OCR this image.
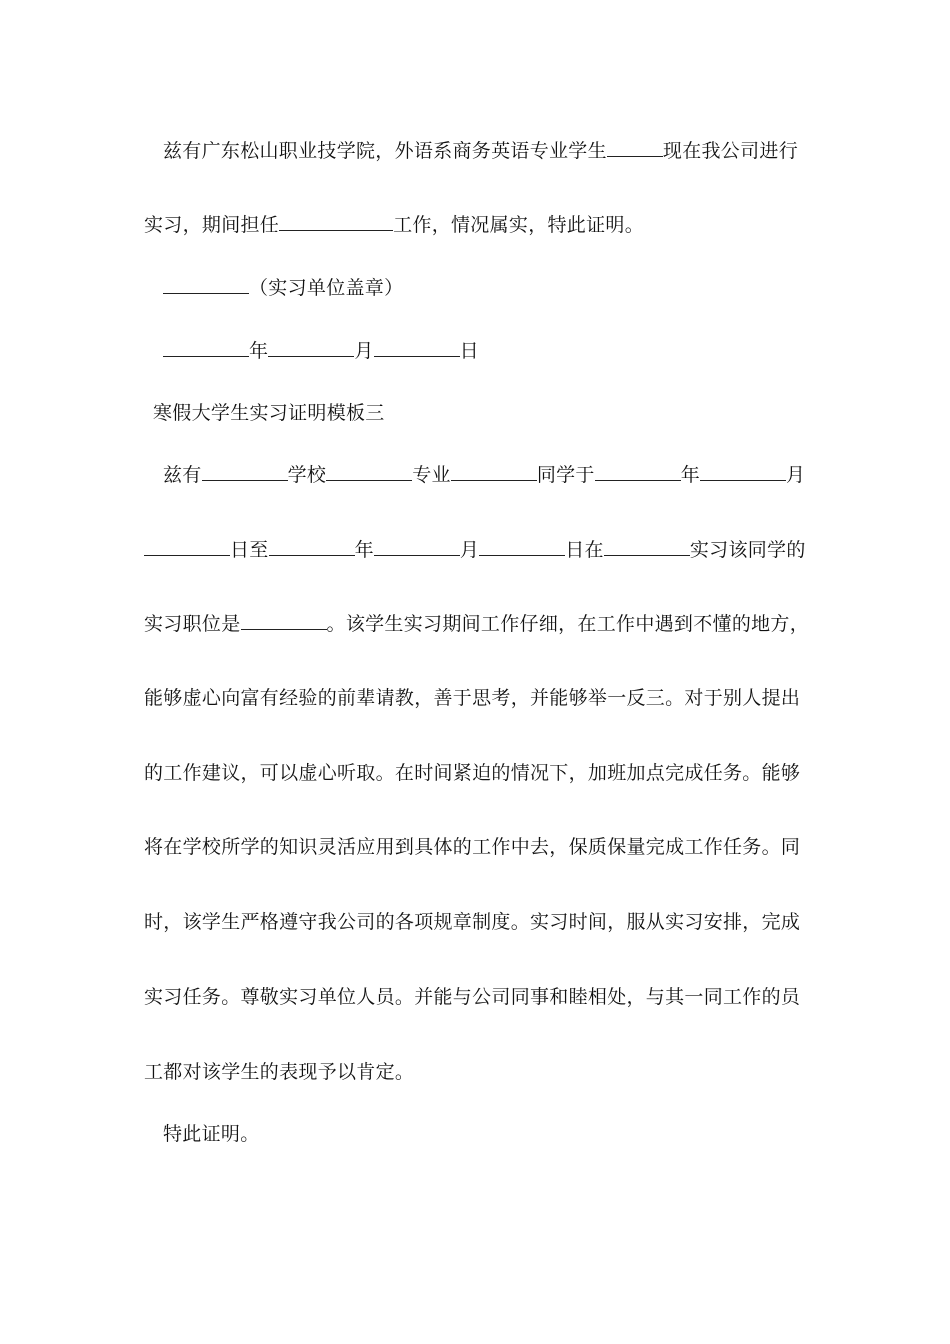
兹有广东松山职业技学院，外语系商务英语专业学生	现在我公司进行
实习，期间担任	工作，情况属实，特此证明。
（实习单位盖章）
年	月	日
寒假大学生实习证明模板三
兹有	学校	专业	同学于	年	月
日至	年	月	日在	实习该同学的
实习职位是	。该学生实习期间工作仔细，在工作中遇到不懂的地方，
能够虚心向富有经验的前辈请教，善于思考，并能够举一反三。对于别人提出
的工作建议，可以虚心听取。在时间紧迫的情况下，加班加点完成任务。能够
将在学校所学的知识灵活应用到具体的工作中去，保质保量完成工作任务。同
时，该学生严格遵守我公司的各项规章制度。实习时间，服从实习安排，完成
实习任务。尊敬实习单位人员。并能与公司同事和睦相处，与其一同工作的员
工都对该学生的表现予以肯定。
特此证明。
